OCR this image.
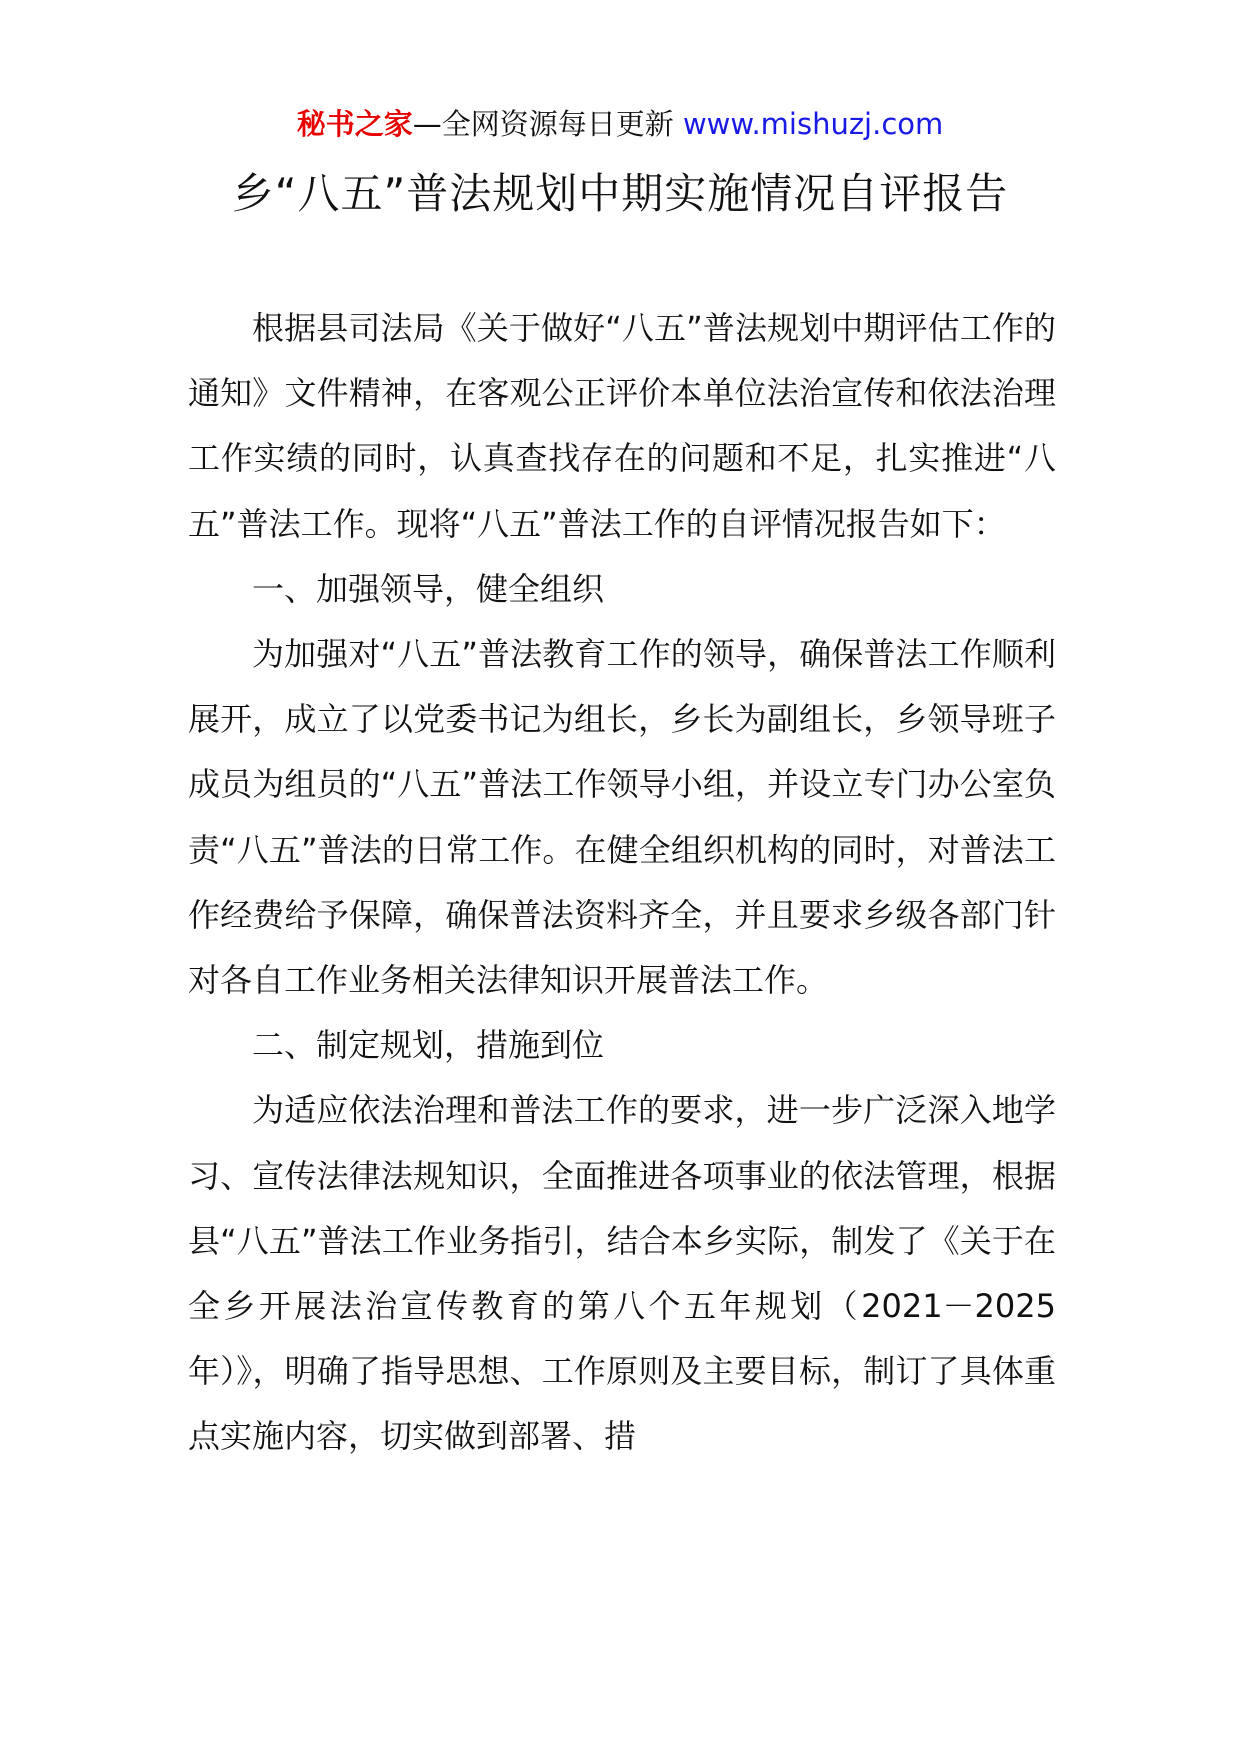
秘书之家—全网资源每日更新 www.mishuzj.com
乡“八五”普法规划中期实施情况自评报告

根据县司法局《关于做好“八五”普法规划中期评估工作的通知》文件精神，在客观公正评价本单位法治宣传和依法治理工作实绩的同时，认真查找存在的问题和不足，扎实推进“八五”普法工作。现将“八五”普法工作的自评情况报告如下：

一、加强领导，健全组织

为加强对“八五”普法教育工作的领导，确保普法工作顺利展开，成立了以党委书记为组长，乡长为副组长，乡领导班子成员为组员的“八五”普法工作领导小组，并设立专门办公室负责“八五”普法的日常工作。在健全组织机构的同时，对普法工作经费给予保障，确保普法资料齐全，并且要求乡级各部门针对各自工作业务相关法律知识开展普法工作。

二、制定规划，措施到位

为适应依法治理和普法工作的要求，进一步广泛深入地学习、宣传法律法规知识，全面推进各项事业的依法管理，根据县“八五”普法工作业务指引，结合本乡实际，制发了《关于在全乡开展法治宣传教育的第八个五年规划（2021－2025年）》，明确了指导思想、工作原则及主要目标，制订了具体重点实施内容，切实做到部署、措
